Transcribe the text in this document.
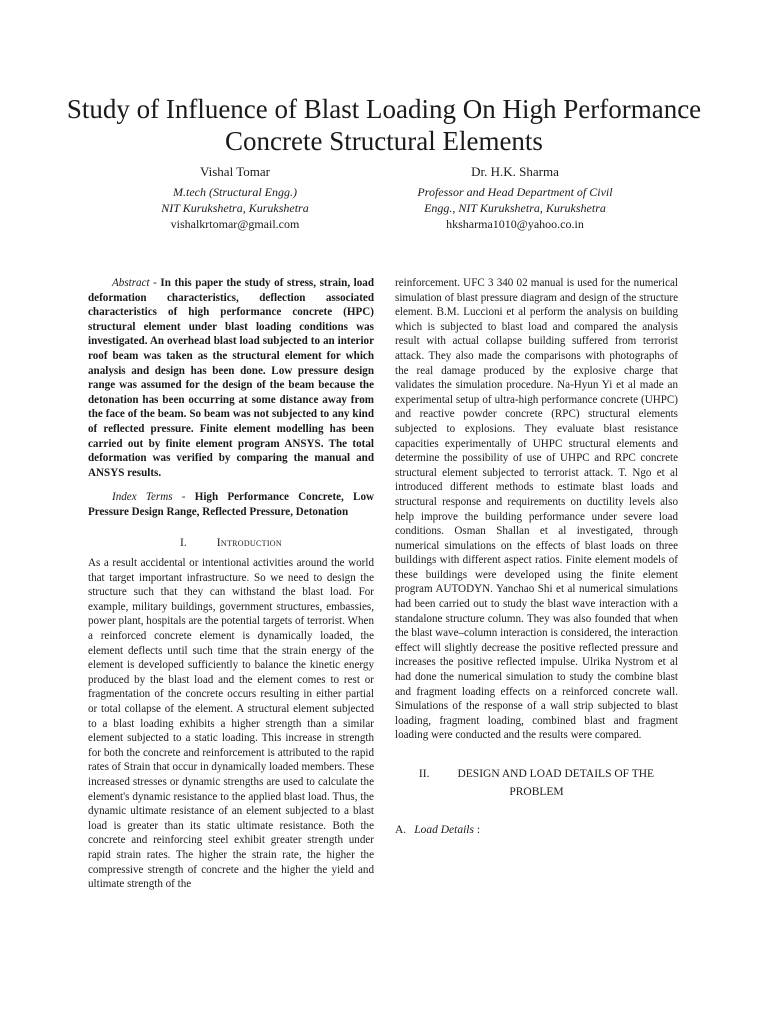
Study of Influence of Blast Loading On High Performance Concrete Structural Elements
Vishal Tomar
M.tech (Structural Engg.)
NIT Kurukshetra, Kurukshetra
vishalkrtomar@gmail.com
Dr. H.K. Sharma
Professor and Head Department of Civil
Engg., NIT Kurukshetra, Kurukshetra
hksharma1010@yahoo.co.in

Abstract - In this paper the study of stress, strain, load deformation characteristics, deflection associated characteristics of high performance concrete (HPC) structural element under blast loading conditions was investigated. An overhead blast load subjected to an interior roof beam was taken as the structural element for which analysis and design has been done. Low pressure design range was assumed for the design of the beam because the detonation has been occurring at some distance away from the face of the beam. So beam was not subjected to any kind of reflected pressure. Finite element modelling has been carried out by finite element program ANSYS. The total deformation was verified by comparing the manual and ANSYS results.

Index Terms - High Performance Concrete, Low Pressure Design Range, Reflected Pressure, Detonation

I.	Introduction

As a result accidental or intentional activities around the world that target important infrastructure. So we need to design the structure such that they can withstand the blast load. For example, military buildings, government structures, embassies, power plant, hospitals are the potential targets of terrorist. When a reinforced concrete element is dynamically loaded, the element deflects until such time that the strain energy of the element is developed sufficiently to balance the kinetic energy produced by the blast load and the element comes to rest or fragmentation of the concrete occurs resulting in either partial or total collapse of the element. A structural element subjected to a blast loading exhibits a higher strength than a similar element subjected to a static loading. This increase in strength for both the concrete and reinforcement is attributed to the rapid rates of Strain that occur in dynamically loaded members. These increased stresses or dynamic strengths are used to calculate the element's dynamic resistance to the applied blast load. Thus, the dynamic ultimate resistance of an element subjected to a blast load is greater than its static ultimate resistance. Both the concrete and reinforcing steel exhibit greater strength under rapid strain rates. The higher the strain rate, the higher the compressive strength of concrete and the higher the yield and ultimate strength of the

reinforcement. UFC 3 340 02 manual is used for the numerical simulation of blast pressure diagram and design of the structure element. B.M. Luccioni et al perform the analysis on building which is subjected to blast load and compared the analysis result with actual collapse building suffered from terrorist attack. They also made the comparisons with photographs of the real damage produced by the explosive charge that validates the simulation procedure. Na-Hyun Yi et al made an experimental setup of ultra-high performance concrete (UHPC) and reactive powder concrete (RPC) structural elements subjected to explosions. They evaluate blast resistance capacities experimentally of UHPC structural elements and determine the possibility of use of UHPC and RPC concrete structural element subjected to terrorist attack. T. Ngo et al introduced different methods to estimate blast loads and structural response and requirements on ductility levels also help improve the building performance under severe load conditions. Osman Shallan et al investigated, through numerical simulations on the effects of blast loads on three buildings with different aspect ratios. Finite element models of these buildings were developed using the finite element program AUTODYN. Yanchao Shi et al numerical simulations had been carried out to study the blast wave interaction with a standalone structure column. They was also founded that when the blast wave–column interaction is considered, the interaction effect will slightly decrease the positive reflected pressure and increases the positive reflected impulse. Ulrika Nystrom et al had done the numerical simulation to study the combine blast and fragment loading effects on a reinforced concrete wall. Simulations of the response of a wall strip subjected to blast loading, fragment loading, combined blast and fragment loading were conducted and the results were compared.

II. DESIGN AND LOAD DETAILS OF THE PROBLEM
A. Load Details :
